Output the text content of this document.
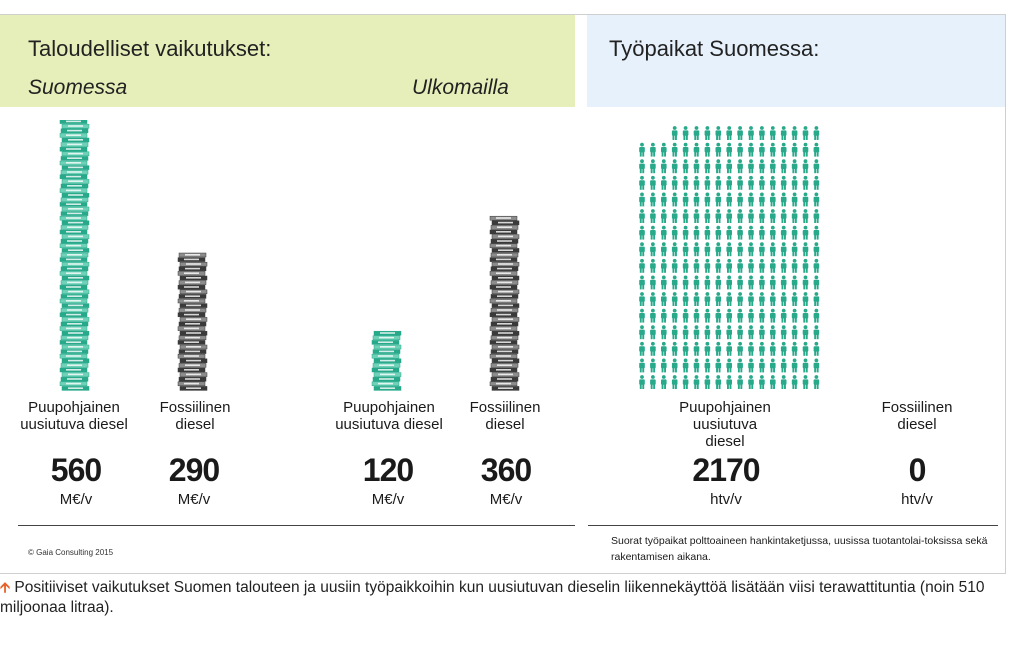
Taloudelliset vaikutukset:
Suomessa	Ulkomailla
Työpaikat Suomessa:
Puupohjainen
uusiutuva diesel
Fossiilinen
diesel
Puupohjainen
uusiutuva diesel
Fossiilinen
diesel
Puupohjainen
uusiutuva
diesel
Fossiilinen
diesel
560	290	120	360	2170	0
M€/v	M€/v	M€/v	M€/v	htv/v	htv/v
© Gaia Consulting 2015
Suorat työpaikat polttoaineen hankintaketjussa, uusissa tuotantolai-toksissa sekä rakentamisen aikana.
🡩 Positiiviset vaikutukset Suomen talouteen ja uusiin työpaikkoihin kun uusiutuvan dieselin liikennekäyttöä lisätään viisi terawattituntia (noin 510 miljoonaa litraa).
